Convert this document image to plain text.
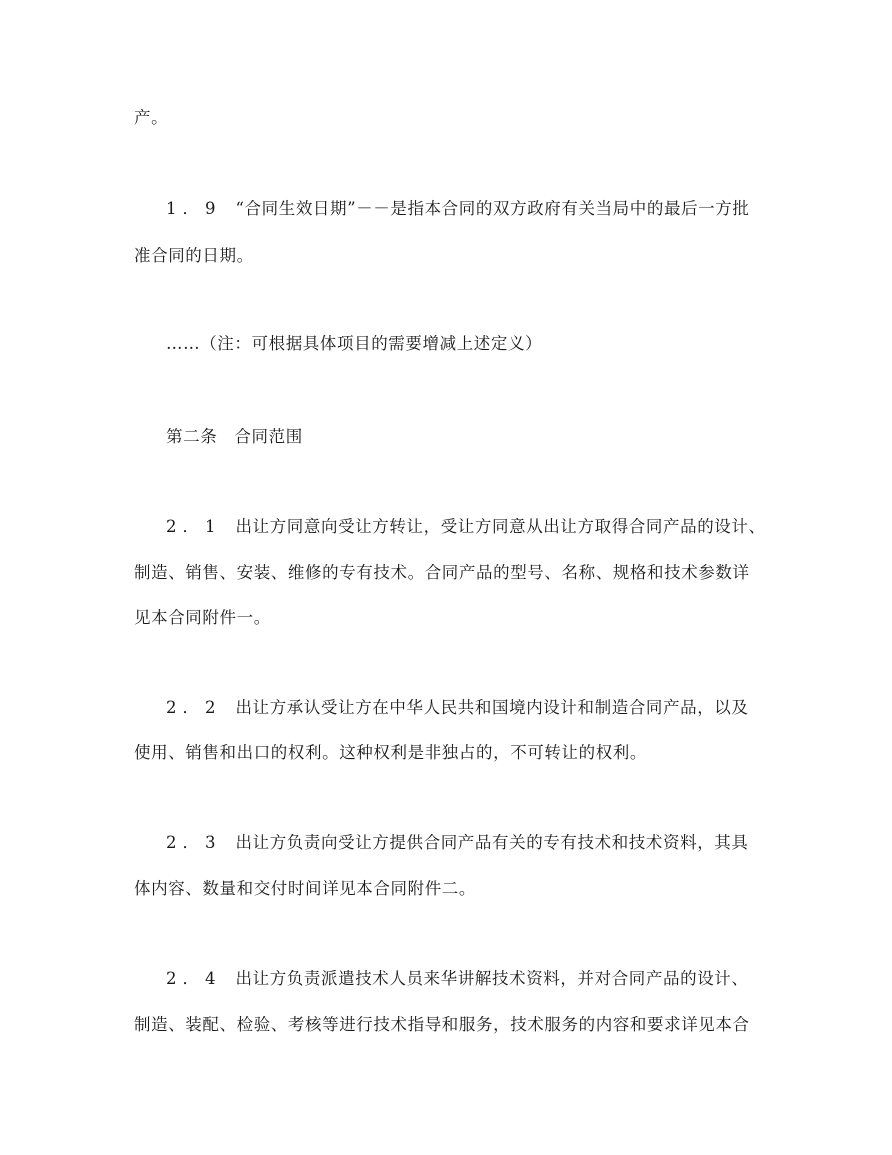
产。
1．9 “合同生效日期”－－是指本合同的双方政府有关当局中的最后一方批
准合同的日期。
……（注：可根据具体项目的需要增减上述定义）
第二条　合同范围
2．1 出让方同意向受让方转让，受让方同意从出让方取得合同产品的设计、
制造、销售、安装、维修的专有技术。合同产品的型号、名称、规格和技术参数详
见本合同附件一。
2．2 出让方承认受让方在中华人民共和国境内设计和制造合同产品，以及
使用、销售和出口的权利。这种权利是非独占的，不可转让的权利。
2．3 出让方负责向受让方提供合同产品有关的专有技术和技术资料，其具
体内容、数量和交付时间详见本合同附件二。
2．4 出让方负责派遣技术人员来华讲解技术资料，并对合同产品的设计、
制造、装配、检验、考核等进行技术指导和服务，技术服务的内容和要求详见本合
